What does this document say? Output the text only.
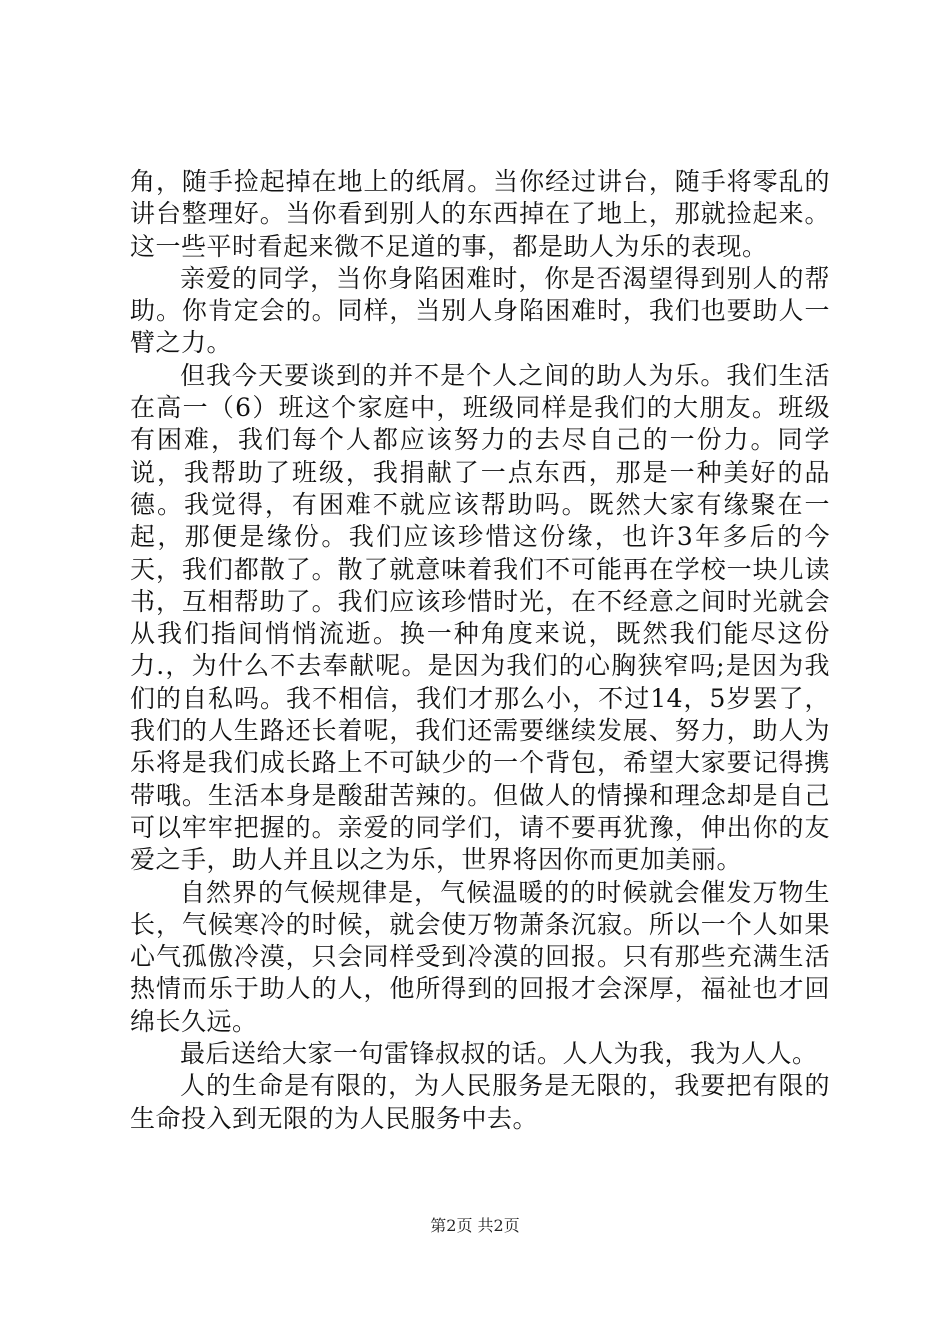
角，随手捡起掉在地上的纸屑。当你经过讲台，随手将零乱的讲台整理好。当你看到别人的东西掉在了地上，那就捡起来。这一些平时看起来微不足道的事，都是助人为乐的表现。

亲爱的同学，当你身陷困难时，你是否渴望得到别人的帮助。你肯定会的。同样，当别人身陷困难时，我们也要助人一臂之力。

但我今天要谈到的并不是个人之间的助人为乐。我们生活在高一（6）班这个家庭中，班级同样是我们的大朋友。班级有困难，我们每个人都应该努力的去尽自己的一份力。同学说，我帮助了班级，我捐献了一点东西，那是一种美好的品德。我觉得，有困难不就应该帮助吗。既然大家有缘聚在一起，那便是缘份。我们应该珍惜这份缘，也许3年多后的今天，我们都散了。散了就意味着我们不可能再在学校一块儿读书，互相帮助了。我们应该珍惜时光，在不经意之间时光就会从我们指间悄悄流逝。换一种角度来说，既然我们能尽这份力.，为什么不去奉献呢。是因为我们的心胸狭窄吗;是因为我们的自私吗。我不相信，我们才那么小，不过14，5岁罢了，我们的人生路还长着呢，我们还需要继续发展、努力，助人为乐将是我们成长路上不可缺少的一个背包，希望大家要记得携带哦。生活本身是酸甜苦辣的。但做人的情操和理念却是自己可以牢牢把握的。亲爱的同学们，请不要再犹豫，伸出你的友爱之手，助人并且以之为乐，世界将因你而更加美丽。

自然界的气候规律是，气候温暖的的时候就会催发万物生长，气候寒冷的时候，就会使万物萧条沉寂。所以一个人如果心气孤傲冷漠，只会同样受到冷漠的回报。只有那些充满生活热情而乐于助人的人，他所得到的回报才会深厚，福祉也才回绵长久远。

最后送给大家一句雷锋叔叔的话。人人为我，我为人人。

人的生命是有限的，为人民服务是无限的，我要把有限的生命投入到无限的为人民服务中去。

第2页 共2页
